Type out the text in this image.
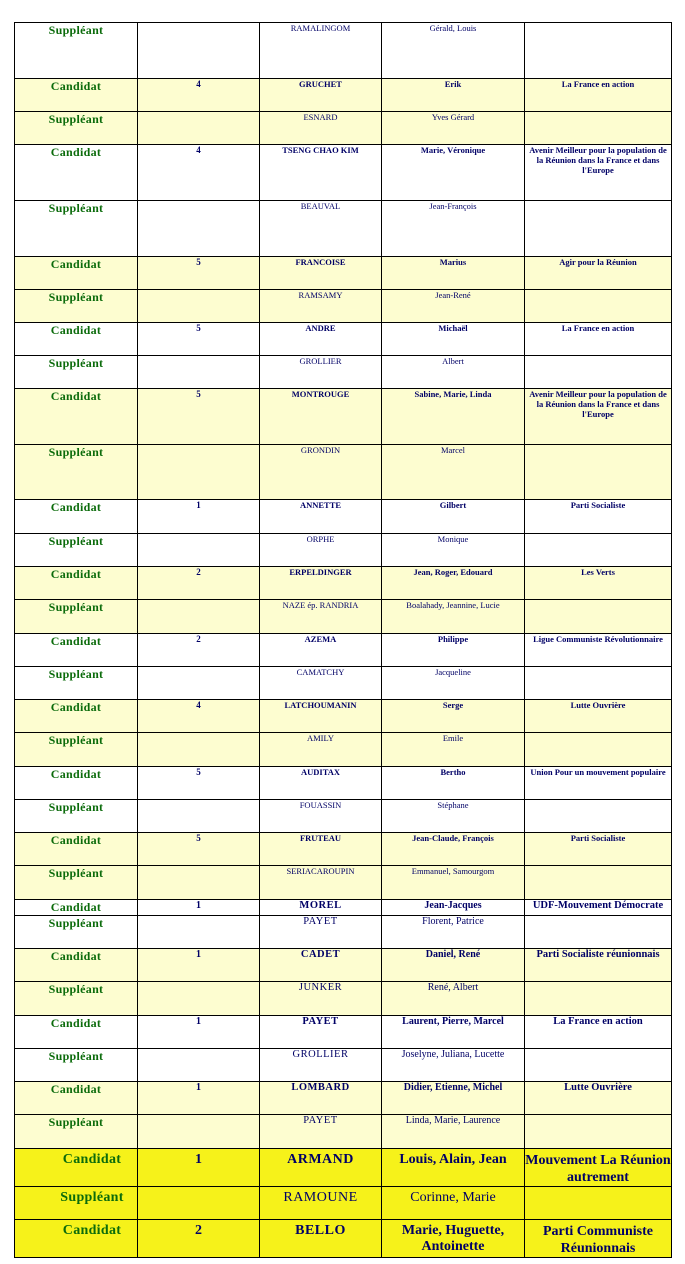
Suppléant		RAMALINGOM	Gérald, Louis	
Candidat	4	GRUCHET	Erik	La France en action
Suppléant		ESNARD	Yves Gérard	
Candidat	4	TSENG CHAO KIM	Marie, Véronique	Avenir Meilleur pour la population de la Réunion dans la France et dans l'Europe
Suppléant		BEAUVAL	Jean-François	
Candidat	5	FRANCOISE	Marius	Agir pour la Réunion
Suppléant		RAMSAMY	Jean-René	
Candidat	5	ANDRE	Michaël	La France en action
Suppléant		GROLLIER	Albert	
Candidat	5	MONTROUGE	Sabine, Marie, Linda	Avenir Meilleur pour la population de la Réunion dans la France et dans l'Europe
Suppléant		GRONDIN	Marcel	
Candidat	1	ANNETTE	Gilbert	Parti Socialiste
Suppléant		ORPHE	Monique	
Candidat	2	ERPELDINGER	Jean, Roger, Edouard	Les Verts
Suppléant		NAZE ép. RANDRIA	Boalahady, Jeannine, Lucie	
Candidat	2	AZEMA	Philippe	Ligue Communiste Révolutionnaire
Suppléant		CAMATCHY	Jacqueline	
Candidat	4	LATCHOUMANIN	Serge	Lutte Ouvrière
Suppléant		AMILY	Emile	
Candidat	5	AUDITAX	Bertho	Union Pour un mouvement populaire
Suppléant		FOUASSIN	Stéphane	
Candidat	5	FRUTEAU	Jean-Claude, François	Parti Socialiste
Suppléant		SERIACAROUPIN	Emmanuel, Samourgom	
Candidat	1	MOREL	Jean-Jacques	UDF-Mouvement Démocrate
Suppléant		PAYET	Florent, Patrice	
Candidat	1	CADET	Daniel, René	Parti Socialiste réunionnais
Suppléant		JUNKER	René, Albert	
Candidat	1	PAYET	Laurent, Pierre, Marcel	La France en action
Suppléant		GROLLIER	Joselyne, Juliana, Lucette	
Candidat	1	LOMBARD	Didier, Etienne, Michel	Lutte Ouvrière
Suppléant		PAYET	Linda, Marie, Laurence	
Candidat	1	ARMAND	Louis, Alain, Jean	Mouvement La Réunion autrement
Suppléant		RAMOUNE	Corinne, Marie	
Candidat	2	BELLO	Marie, Huguette, Antoinette	Parti Communiste Réunionnais
